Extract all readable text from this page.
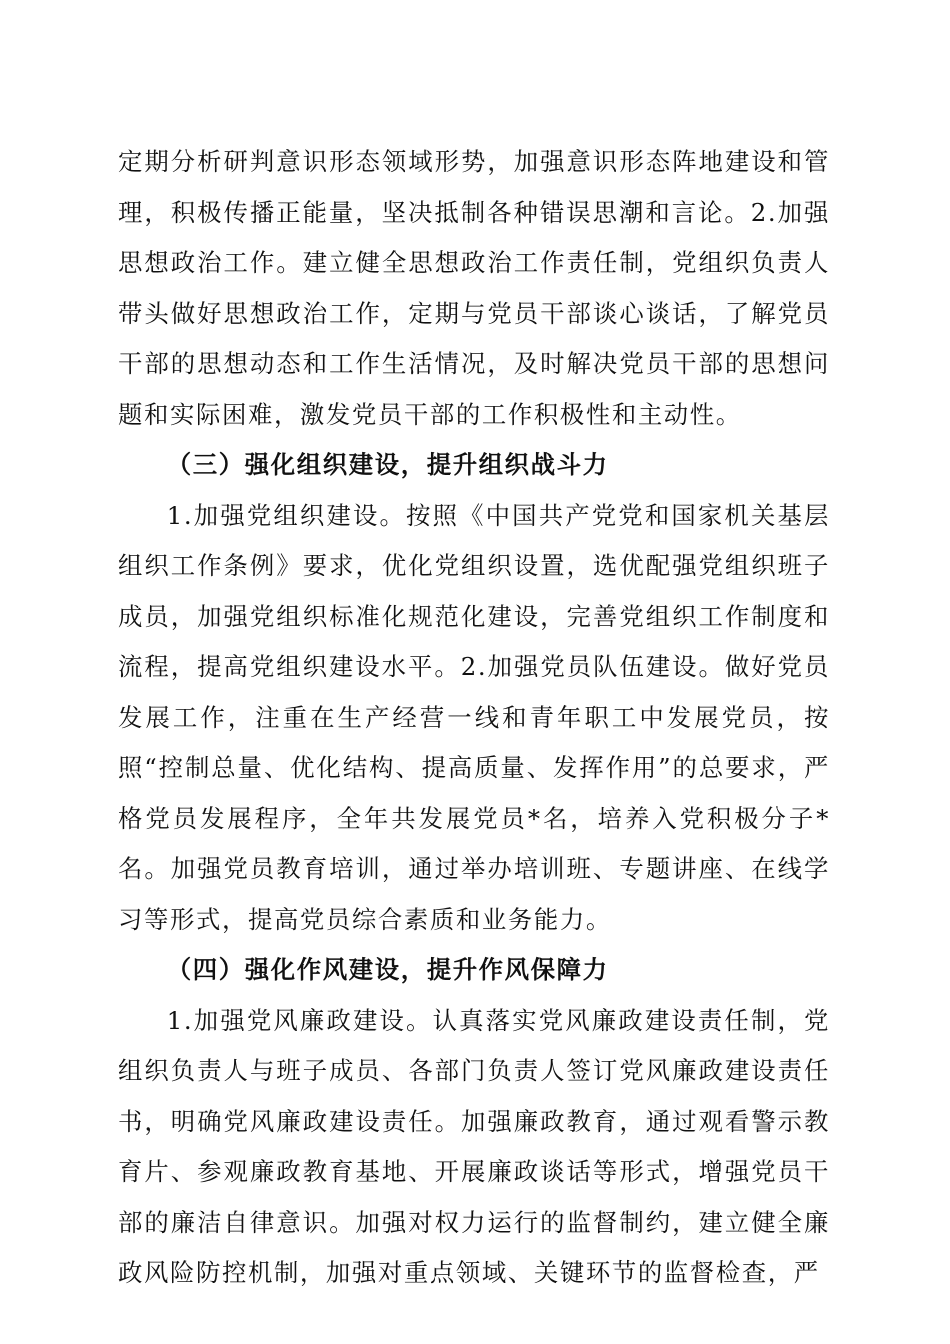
定期分析研判意识形态领域形势，加强意识形态阵地建设和管理，积极传播正能量，坚决抵制各种错误思潮和言论。2.加强思想政治工作。建立健全思想政治工作责任制，党组织负责人带头做好思想政治工作，定期与党员干部谈心谈话，了解党员干部的思想动态和工作生活情况，及时解决党员干部的思想问题和实际困难，激发党员干部的工作积极性和主动性。

（三）强化组织建设，提升组织战斗力

1.加强党组织建设。按照《中国共产党党和国家机关基层组织工作条例》要求，优化党组织设置，选优配强党组织班子成员，加强党组织标准化规范化建设，完善党组织工作制度和流程，提高党组织建设水平。2.加强党员队伍建设。做好党员发展工作，注重在生产经营一线和青年职工中发展党员，按照“控制总量、优化结构、提高质量、发挥作用”的总要求，严格党员发展程序，全年共发展党员*名，培养入党积极分子*名。加强党员教育培训，通过举办培训班、专题讲座、在线学习等形式，提高党员综合素质和业务能力。

（四）强化作风建设，提升作风保障力

1.加强党风廉政建设。认真落实党风廉政建设责任制，党组织负责人与班子成员、各部门负责人签订党风廉政建设责任书，明确党风廉政建设责任。加强廉政教育，通过观看警示教育片、参观廉政教育基地、开展廉政谈话等形式，增强党员干部的廉洁自律意识。加强对权力运行的监督制约，建立健全廉政风险防控机制，加强对重点领域、关键环节的监督检查，严
